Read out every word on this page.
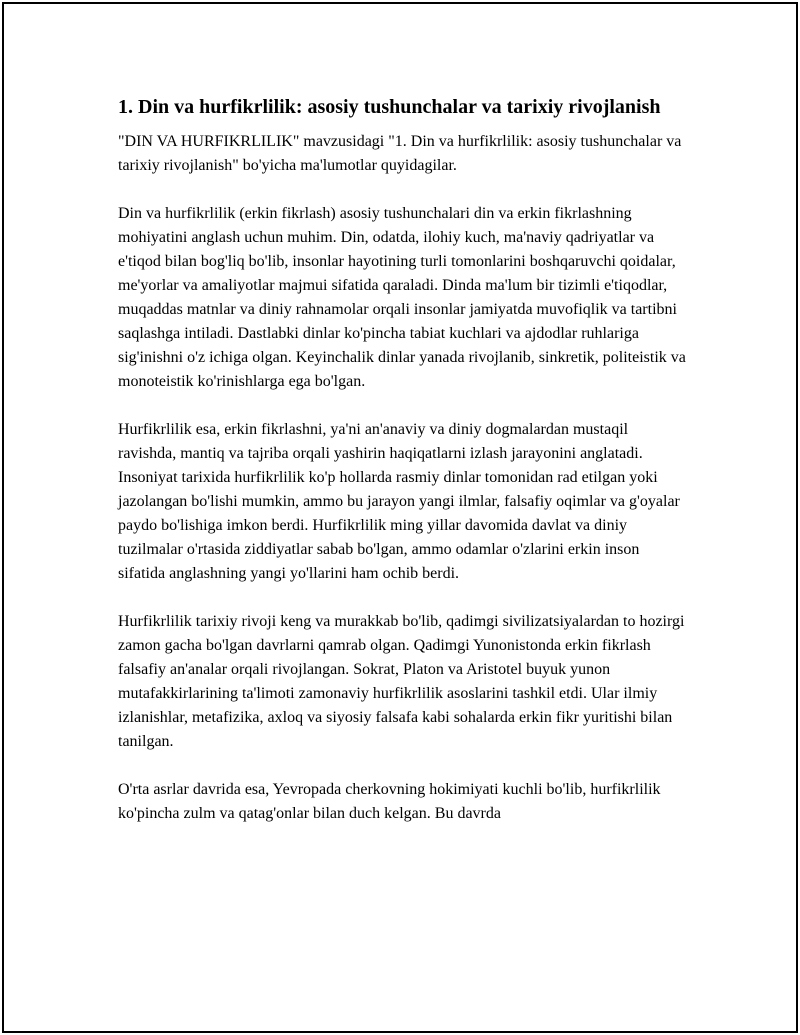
1. Din va hurfikrlilik: asosiy tushunchalar va tarixiy rivojlanish

"DIN VA HURFIKRLILIK" mavzusidagi "1. Din va hurfikrlilik: asosiy tushunchalar va tarixiy rivojlanish" bo'yicha ma'lumotlar quyidagilar.

Din va hurfikrlilik (erkin fikrlash) asosiy tushunchalari din va erkin fikrlashning mohiyatini anglash uchun muhim. Din, odatda, ilohiy kuch, ma'naviy qadriyatlar va e'tiqod bilan bog'liq bo'lib, insonlar hayotining turli tomonlarini boshqaruvchi qoidalar, me'yorlar va amaliyotlar majmui sifatida qaraladi. Dinda ma'lum bir tizimli e'tiqodlar, muqaddas matnlar va diniy rahnamolar orqali insonlar jamiyatda muvofiqlik va tartibni saqlashga intiladi. Dastlabki dinlar ko'pincha tabiat kuchlari va ajdodlar ruhlariga sig'inishni o'z ichiga olgan. Keyinchalik dinlar yanada rivojlanib, sinkretik, politeistik va monoteistik ko'rinishlarga ega bo'lgan.

Hurfikrlilik esa, erkin fikrlashni, ya'ni an'anaviy va diniy dogmalardan mustaqil ravishda, mantiq va tajriba orqali yashirin haqiqatlarni izlash jarayonini anglatadi. Insoniyat tarixida hurfikrlilik ko'p hollarda rasmiy dinlar tomonidan rad etilgan yoki jazolangan bo'lishi mumkin, ammo bu jarayon yangi ilmlar, falsafiy oqimlar va g'oyalar paydo bo'lishiga imkon berdi. Hurfikrlilik ming yillar davomida davlat va diniy tuzilmalar o'rtasida ziddiyatlar sabab bo'lgan, ammo odamlar o'zlarini erkin inson sifatida anglashning yangi yo'llarini ham ochib berdi.

Hurfikrlilik tarixiy rivoji keng va murakkab bo'lib, qadimgi sivilizatsiyalardan to hozirgi zamon gacha bo'lgan davrlarni qamrab olgan. Qadimgi Yunonistonda erkin fikrlash falsafiy an'analar orqali rivojlangan. Sokrat, Platon va Aristotel buyuk yunon mutafakkirlarining ta'limoti zamonaviy hurfikrlilik asoslarini tashkil etdi. Ular ilmiy izlanishlar, metafizika, axloq va siyosiy falsafa kabi sohalarda erkin fikr yuritishi bilan tanilgan.

O'rta asrlar davrida esa, Yevropada cherkovning hokimiyati kuchli bo'lib, hurfikrlilik ko'pincha zulm va qatag'onlar bilan duch kelgan. Bu davrda
